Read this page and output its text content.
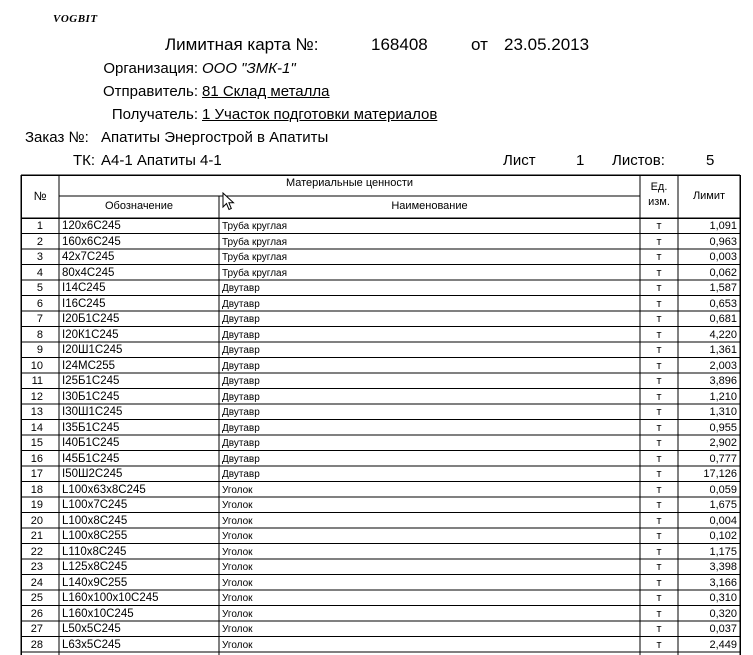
VOGBIT
Лимитная карта №:	168408	от 23.05.2013
Организация: ООО "ЗМК-1"
Отправитель: 81 Склад металла
Получатель: 1 Участок подготовки материалов
Заказ №: Апатиты Энергострой в Апатиты
ТК: А4-1 Апатиты 4-1	Лист	1 Листов:	5
№
Материальные ценности
Обозначение	Наименование
Ед. изм.	Лимит
1 120x6C245	Труба круглая	т	1,091
2 160x6C245	Труба круглая	т	0,963
3 42x7C245	Труба круглая	т	0,003
4 80x4C245	Труба круглая	т	0,062
5 I14C245	Двутавр	т	1,587
6 I16C245	Двутавр	т	0,653
7 I20Б1C245	Двутавр	т	0,681
8 I20К1C245	Двутавр	т	4,220
9 I20Ш1C245	Двутавр	т	1,361
10 I24МC255	Двутавр	т	2,003
11 I25Б1C245	Двутавр	т	3,896
12 I30Б1C245	Двутавр	т	1,210
13 I30Ш1C245	Двутавр	т	1,310
14 I35Б1C245	Двутавр	т	0,955
15 I40Б1C245	Двутавр	т	2,902
16 I45Б1C245	Двутавр	т	0,777
17 I50Ш2C245	Двутавр	т	17,126
18 L100x63x8C245	Уголок	т	0,059
19 L100x7C245	Уголок	т	1,675
20 L100x8C245	Уголок	т	0,004
21 L100x8C255	Уголок	т	0,102
22 L110x8C245	Уголок	т	1,175
23 L125x8C245	Уголок	т	3,398
24 L140x9C255	Уголок	т	3,166
25 L160x100x10C245	Уголок	т	0,310
26 L160x10C245	Уголок	т	0,320
27 L50x5C245	Уголок	т	0,037
28 L63x5C245	Уголок	т	2,449
